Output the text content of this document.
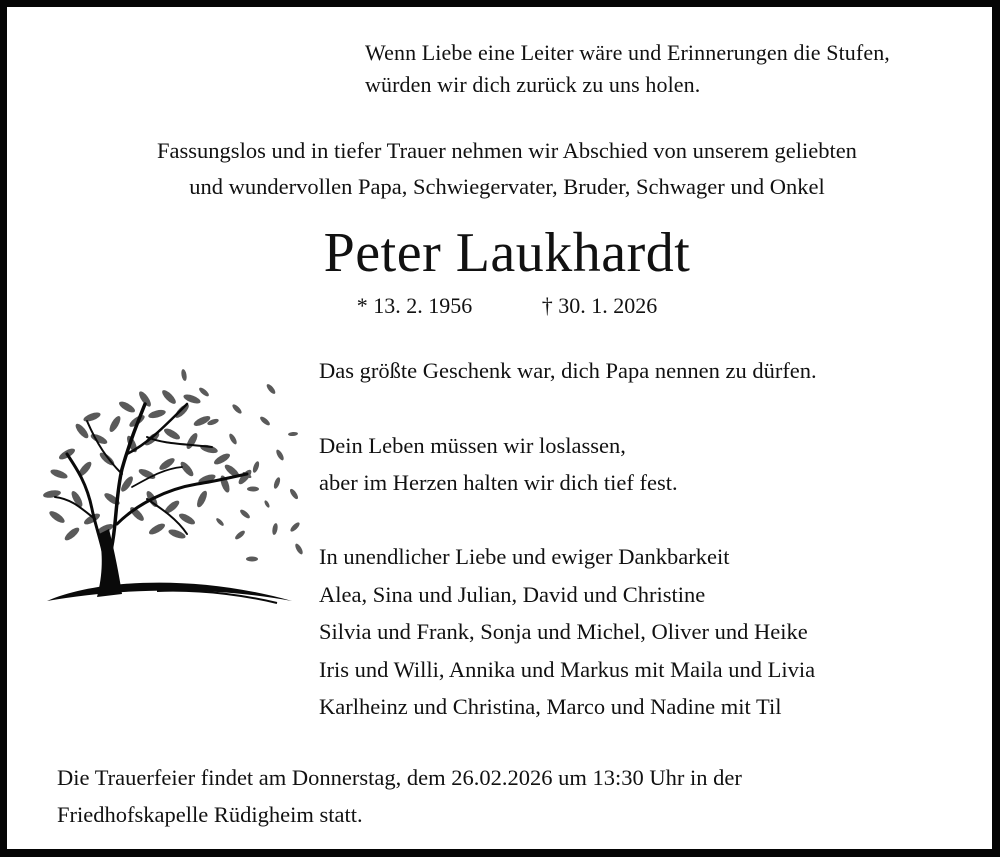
Wenn Liebe eine Leiter wäre und Erinnerungen die Stufen,
würden wir dich zurück zu uns holen.
Fassungslos und in tiefer Trauer nehmen wir Abschied von unserem geliebten
und wundervollen Papa, Schwiegervater, Bruder, Schwager und Onkel
Peter Laukhardt
* 13. 2. 1956	† 30. 1. 2026
Das größte Geschenk war, dich Papa nennen zu dürfen.
Dein Leben müssen wir loslassen,
aber im Herzen halten wir dich tief fest.
In unendlicher Liebe und ewiger Dankbarkeit
Alea, Sina und Julian, David und Christine
Silvia und Frank, Sonja und Michel, Oliver und Heike
Iris und Willi, Annika und Markus mit Maila und Livia
Karlheinz und Christina, Marco und Nadine mit Til
Die Trauerfeier findet am Donnerstag, dem 26.02.2026 um 13:30 Uhr in der
Friedhofskapelle Rüdigheim statt.
